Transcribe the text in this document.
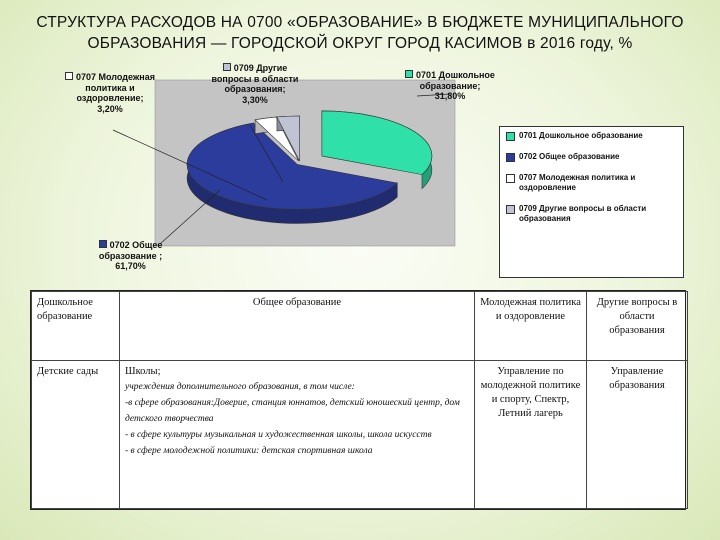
СТРУКТУРА РАСХОДОВ НА 0700 «ОБРАЗОВАНИЕ» В БЮДЖЕТЕ МУНИЦИПАЛЬНОГО
ОБРАЗОВАНИЯ — ГОРОДСКОЙ ОКРУГ ГОРОД КАСИМОВ в 2016 году, %
0701 Дошкольное образование
0702 Общее образование
0707 Молодежная политика и
оздоровление
0709 Другие вопросы в области
образования
0701 Дошкольное
образование;
31,80%
0702 Общее
образование ;
61,70%
0707 Молодежная
политика и
оздоровление;
3,20%
0709 Другие
вопросы в области
образования;
3,30%
Дошкольное образование	Общее образование	Молодежная политика и оздоровление	Другие вопросы в области образования
Детские сады	Школы;
учреждения дополнительного образования, в том числе:
-в сфере образования:Доверие, станция юннатов, детский юношеский центр, дом детского творчества
- в сфере культуры музыкальная и художественная школы, школа искусств
- в сфере молодежной политики: детская спортивная школа	Управление по молодежной политике и спорту, Спектр, Летний лагерь	Управление образования
